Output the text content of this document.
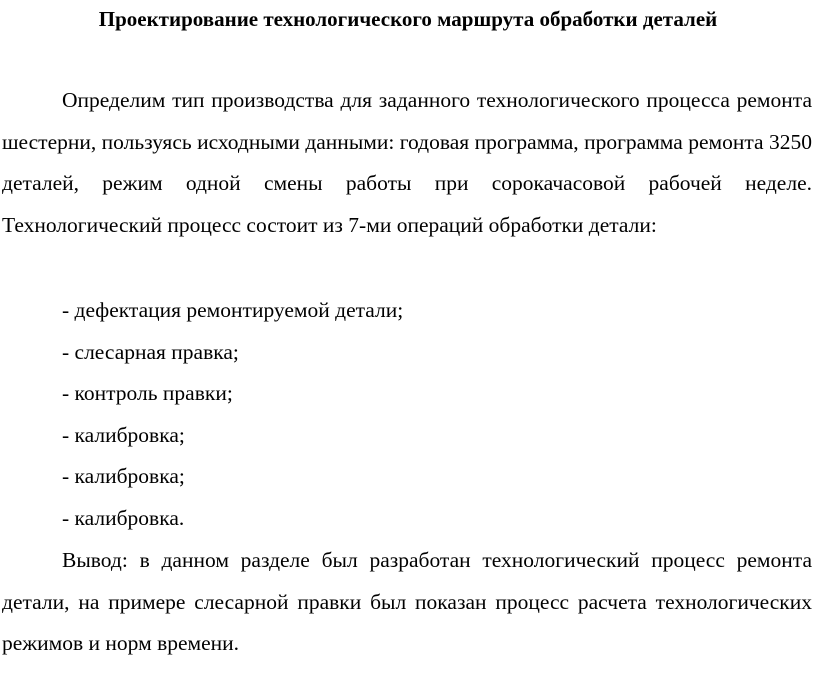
Проектирование технологического маршрута обработки деталей

Определим тип производства для заданного технологического процесса ремонта шестерни, пользуясь исходными данными: годовая программа, программа ремонта 3250 деталей, режим одной смены работы при сорокачасовой рабочей неделе. Технологический процесс состоит из 7-ми операций обработки детали:

- дефектация ремонтируемой детали;
- слесарная правка;
- контроль правки;
- калибровка;
- калибровка;
- калибровка.

Вывод: в данном разделе был разработан технологический процесс ремонта детали, на примере слесарной правки был показан процесс расчета технологических режимов и норм времени.
